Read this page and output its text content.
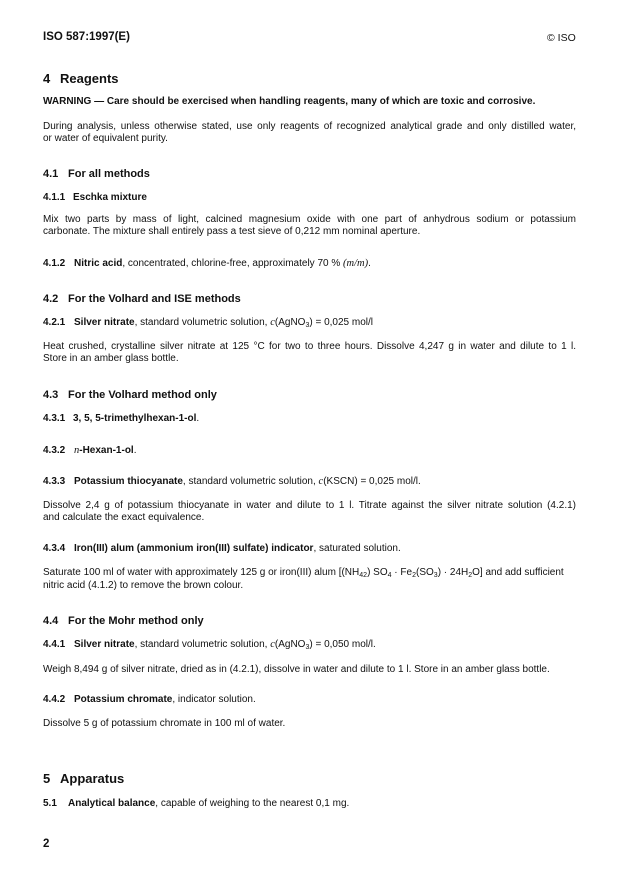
ISO 587:1997(E)	© ISO
4 Reagents
WARNING — Care should be exercised when handling reagents, many of which are toxic and corrosive.
During analysis, unless otherwise stated, use only reagents of recognized analytical grade and only distilled water,
or water of equivalent purity.
4.1 For all methods
4.1.1 Eschka mixture
Mix two parts by mass of light, calcined magnesium oxide with one part of anhydrous sodium or potassium
carbonate. The mixture shall entirely pass a test sieve of 0,212 mm nominal aperture.
4.1.2 Nitric acid, concentrated, chlorine-free, approximately 70 % (m/m).
4.2 For the Volhard and ISE methods
4.2.1 Silver nitrate, standard volumetric solution, c(AgNO$_3$) = 0,025 mol/l
Heat crushed, crystalline silver nitrate at 125 °C for two to three hours. Dissolve 4,247 g in water and dilute to 1 l.
Store in an amber glass bottle.
4.3 For the Volhard method only
4.3.1 3, 5, 5-trimethylhexan-1-ol.
4.3.2 n-Hexan-1-ol.
4.3.3 Potassium thiocyanate, standard volumetric solution, c(KSCN) = 0,025 mol/l.
Dissolve 2,4 g of potassium thiocyanate in water and dilute to 1 l. Titrate against the silver nitrate solution (4.2.1)
and calculate the exact equivalence.
4.3.4 Iron(III) alum (ammonium iron(III) sulfate) indicator, saturated solution.
Saturate 100 ml of water with approximately 125 g or iron(III) alum $[(NH_{42}) SO_4 \cdot Fe_2(SO_3) \cdot 24H_2O]$ and add sufficient
nitric acid (4.1.2) to remove the brown colour.
4.4 For the Mohr method only
4.4.1 Silver nitrate, standard volumetric solution, c(AgNO$_3$) = 0,050 mol/l.
Weigh 8,494 g of silver nitrate, dried as in (4.2.1), dissolve in water and dilute to 1 l. Store in an amber glass bottle.
4.4.2 Potassium chromate, indicator solution.
Dissolve 5 g of potassium chromate in 100 ml of water.
5 Apparatus
5.1 Analytical balance, capable of weighing to the nearest 0,1 mg.
2
